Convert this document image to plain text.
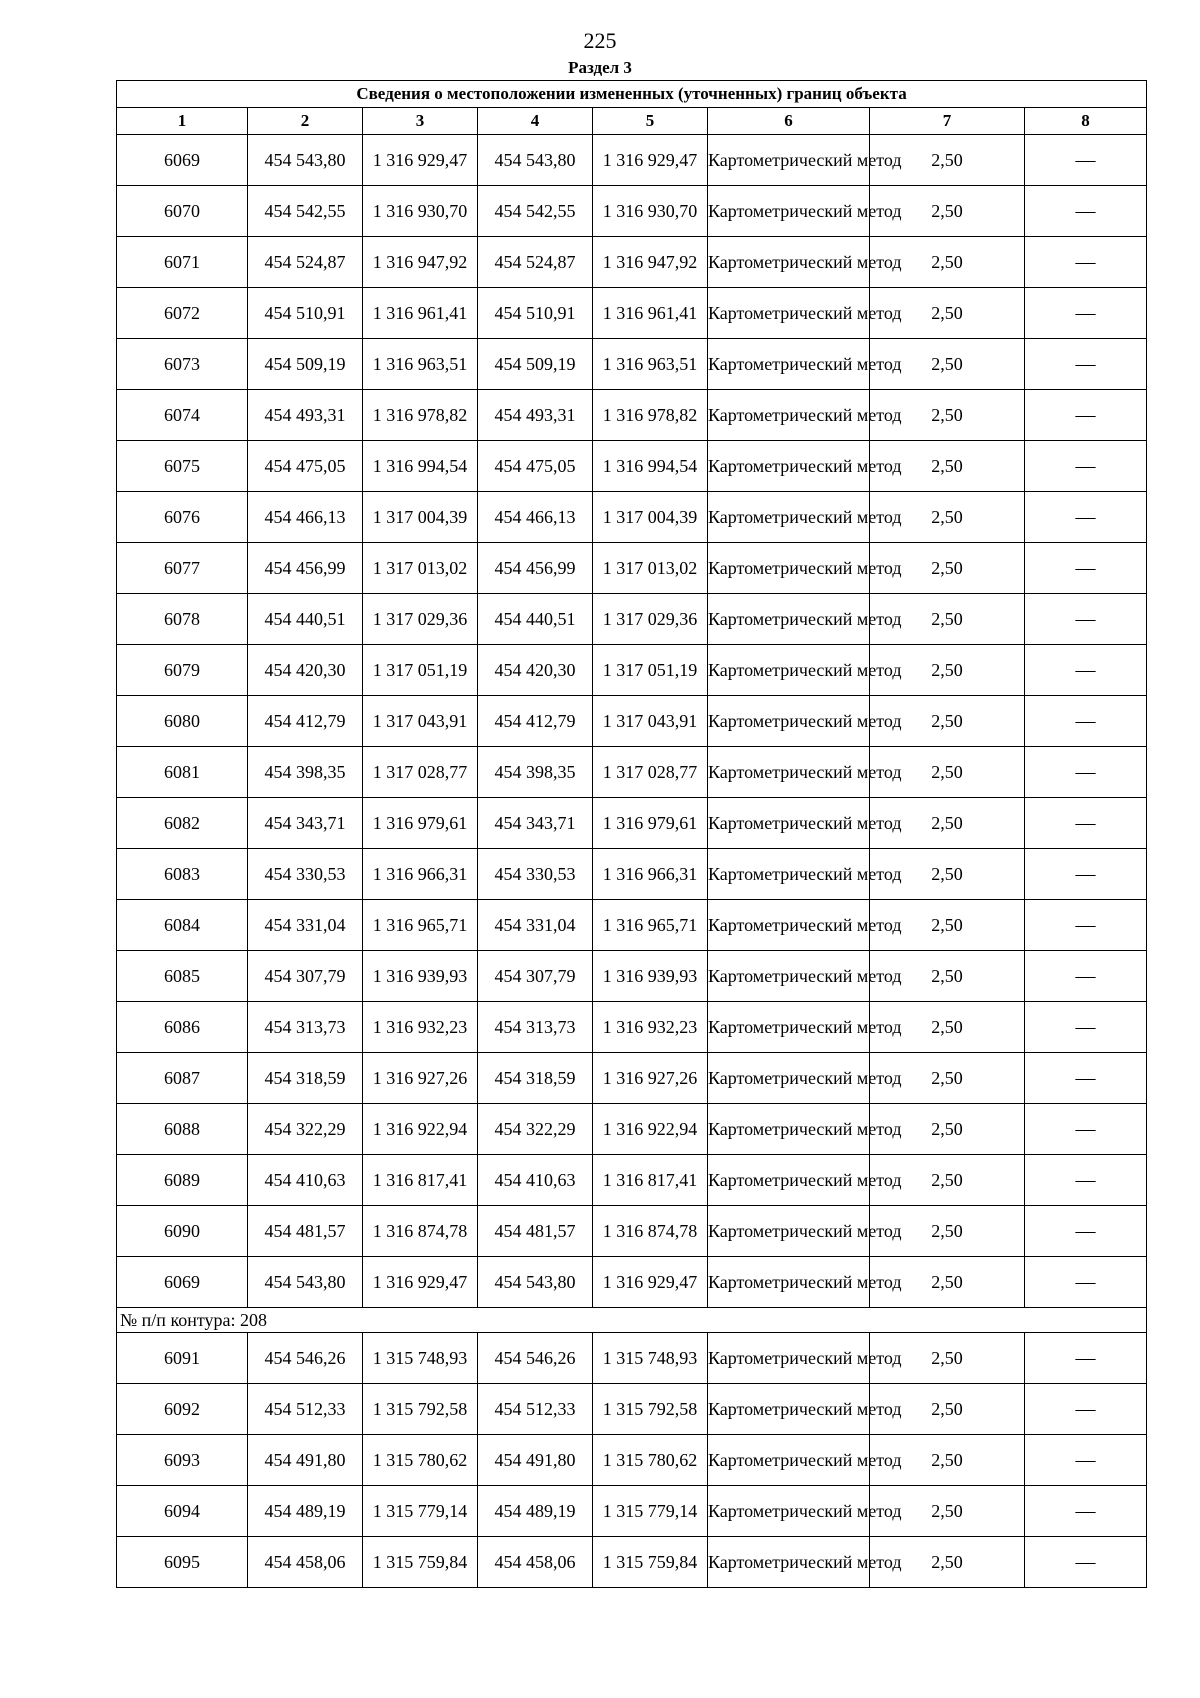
225
Раздел 3
Сведения о местоположении измененных (уточненных) границ объекта							
1	2	3	4	5	6	7	8
6069	454 543,80	1 316 929,47	454 543,80	1 316 929,47	Картометрический метод	2,50	—
6070	454 542,55	1 316 930,70	454 542,55	1 316 930,70	Картометрический метод	2,50	—
6071	454 524,87	1 316 947,92	454 524,87	1 316 947,92	Картометрический метод	2,50	—
6072	454 510,91	1 316 961,41	454 510,91	1 316 961,41	Картометрический метод	2,50	—
6073	454 509,19	1 316 963,51	454 509,19	1 316 963,51	Картометрический метод	2,50	—
6074	454 493,31	1 316 978,82	454 493,31	1 316 978,82	Картометрический метод	2,50	—
6075	454 475,05	1 316 994,54	454 475,05	1 316 994,54	Картометрический метод	2,50	—
6076	454 466,13	1 317 004,39	454 466,13	1 317 004,39	Картометрический метод	2,50	—
6077	454 456,99	1 317 013,02	454 456,99	1 317 013,02	Картометрический метод	2,50	—
6078	454 440,51	1 317 029,36	454 440,51	1 317 029,36	Картометрический метод	2,50	—
6079	454 420,30	1 317 051,19	454 420,30	1 317 051,19	Картометрический метод	2,50	—
6080	454 412,79	1 317 043,91	454 412,79	1 317 043,91	Картометрический метод	2,50	—
6081	454 398,35	1 317 028,77	454 398,35	1 317 028,77	Картометрический метод	2,50	—
6082	454 343,71	1 316 979,61	454 343,71	1 316 979,61	Картометрический метод	2,50	—
6083	454 330,53	1 316 966,31	454 330,53	1 316 966,31	Картометрический метод	2,50	—
6084	454 331,04	1 316 965,71	454 331,04	1 316 965,71	Картометрический метод	2,50	—
6085	454 307,79	1 316 939,93	454 307,79	1 316 939,93	Картометрический метод	2,50	—
6086	454 313,73	1 316 932,23	454 313,73	1 316 932,23	Картометрический метод	2,50	—
6087	454 318,59	1 316 927,26	454 318,59	1 316 927,26	Картометрический метод	2,50	—
6088	454 322,29	1 316 922,94	454 322,29	1 316 922,94	Картометрический метод	2,50	—
6089	454 410,63	1 316 817,41	454 410,63	1 316 817,41	Картометрический метод	2,50	—
6090	454 481,57	1 316 874,78	454 481,57	1 316 874,78	Картометрический метод	2,50	—
6069	454 543,80	1 316 929,47	454 543,80	1 316 929,47	Картометрический метод	2,50	—
№ п/п контура: 208							
6091	454 546,26	1 315 748,93	454 546,26	1 315 748,93	Картометрический метод	2,50	—
6092	454 512,33	1 315 792,58	454 512,33	1 315 792,58	Картометрический метод	2,50	—
6093	454 491,80	1 315 780,62	454 491,80	1 315 780,62	Картометрический метод	2,50	—
6094	454 489,19	1 315 779,14	454 489,19	1 315 779,14	Картометрический метод	2,50	—
6095	454 458,06	1 315 759,84	454 458,06	1 315 759,84	Картометрический метод	2,50	—
